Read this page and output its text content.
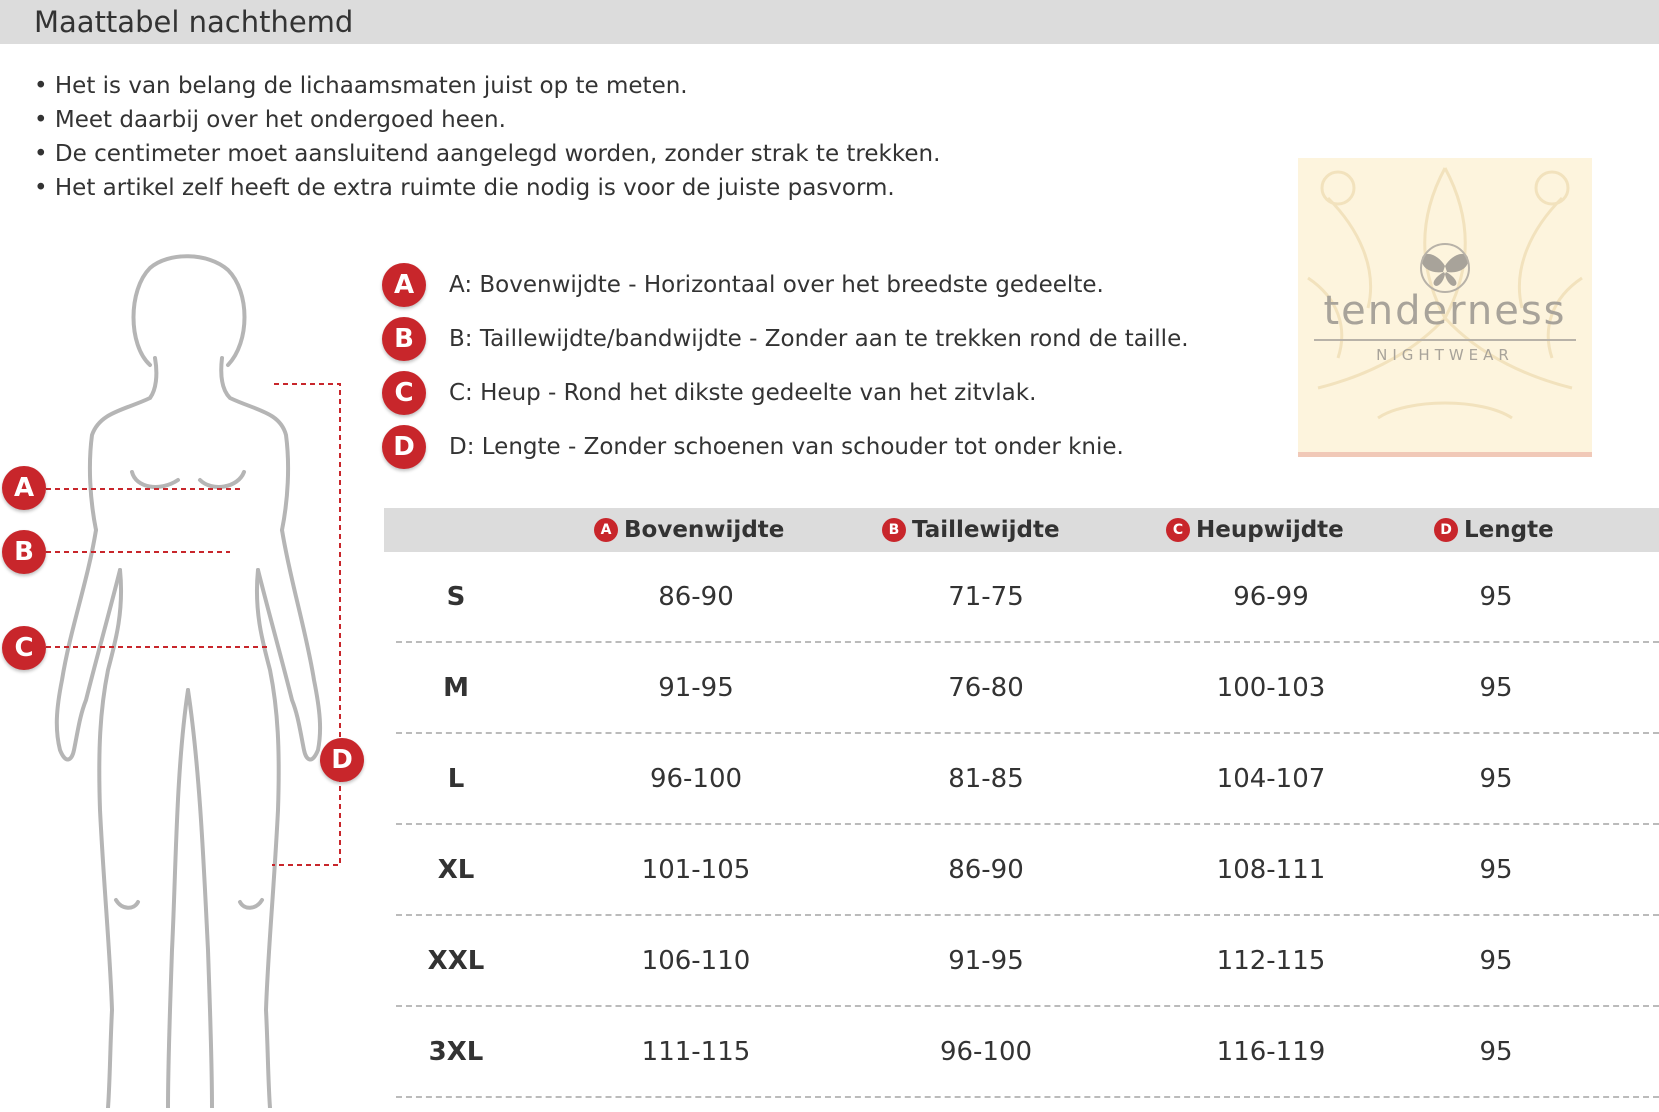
Maattabel nachthemd
• Het is van belang de lichaamsmaten juist op te meten.
• Meet daarbij over het ondergoed heen.
• De centimeter moet aansluitend aangelegd worden, zonder strak te trekken.
• Het artikel zelf heeft de extra ruimte die nodig is voor de juiste pasvorm.
A
B
C
D
A	A: Bovenwijdte - Horizontaal over het breedste gedeelte.
B	B: Taillewijdte/bandwijdte - Zonder aan te trekken rond de taille.
C	C: Heup - Rond het dikste gedeelte van het zitvlak.
D	D: Lengte - Zonder schoenen van schouder tot onder knie.
tenderness
NIGHTWEAR
A Bovenwijdte	B Taillewijdte	C Heupwijdte	D Lengte
S	86-90	71-75	96-99	95
M	91-95	76-80	100-103	95
L	96-100	81-85	104-107	95
XL	101-105	86-90	108-111	95
XXL	106-110	91-95	112-115	95
3XL	111-115	96-100	116-119	95
